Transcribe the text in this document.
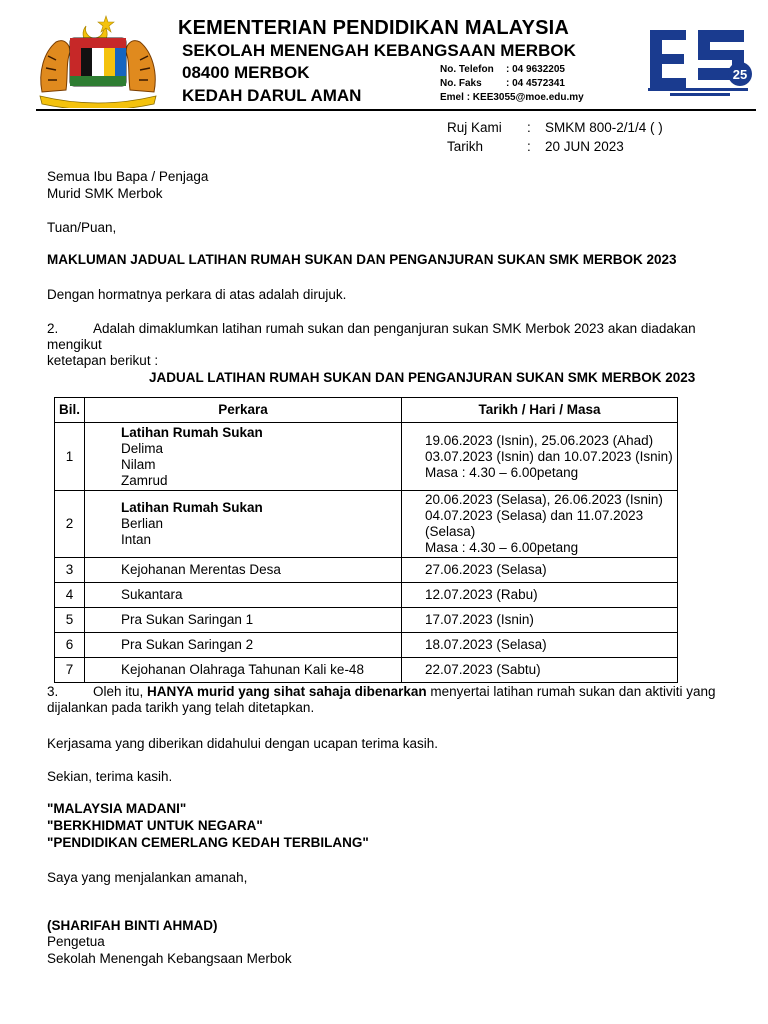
KEMENTERIAN PENDIDIKAN MALAYSIA
SEKOLAH MENENGAH KEBANGSAAN MERBOK
08400 MERBOK
KEDAH DARUL AMAN
No. Telefon : 04 9632205
No. Faks : 04 4572341
Emel : KEE3055@moe.edu.my
25
Ruj Kami : SMKM 800-2/1/4 ( )
Tarikh	: 20 JUN 2023
Semua Ibu Bapa / Penjaga
Murid SMK Merbok
Tuan/Puan,
MAKLUMAN JADUAL LATIHAN RUMAH SUKAN DAN PENGANJURAN SUKAN SMK MERBOK 2023
Dengan hormatnya perkara di atas adalah dirujuk.
2.	Adalah dimaklumkan latihan rumah sukan dan penganjuran sukan SMK Merbok 2023 akan diadakan mengikut
ketetapan berikut :
JADUAL LATIHAN RUMAH SUKAN DAN PENGANJURAN SUKAN SMK MERBOK 2023
Bil.	Perkara	Tarikh / Hari / Masa
1	Latihan Rumah Sukan
Delima
Nilam
Zamrud	19.06.2023 (Isnin), 25.06.2023 (Ahad)
03.07.2023 (Isnin) dan 10.07.2023 (Isnin)
Masa : 4.30 – 6.00petang

2	Latihan Rumah Sukan
Berlian
Intan	20.06.2023 (Selasa), 26.06.2023 (Isnin)
04.07.2023 (Selasa) dan 11.07.2023 (Selasa)
Masa : 4.30 – 6.00petang

3	Kejohanan Merentas Desa	27.06.2023 (Selasa)
4	Sukantara	12.07.2023 (Rabu)
5	Pra Sukan Saringan 1	17.07.2023 (Isnin)
6	Pra Sukan Saringan 2	18.07.2023 (Selasa)
7	Kejohanan Olahraga Tahunan Kali ke-48	22.07.2023 (Sabtu)
3.	Oleh itu, HANYA murid yang sihat sahaja dibenarkan menyertai latihan rumah sukan dan aktiviti yang
dijalankan pada tarikh yang telah ditetapkan.
Kerjasama yang diberikan didahului dengan ucapan terima kasih.
Sekian, terima kasih.
"MALAYSIA MADANI"
"BERKHIDMAT UNTUK NEGARA"
"PENDIDIKAN CEMERLANG KEDAH TERBILANG"
Saya yang menjalankan amanah,
(SHARIFAH BINTI AHMAD)
Pengetua
Sekolah Menengah Kebangsaan Merbok
